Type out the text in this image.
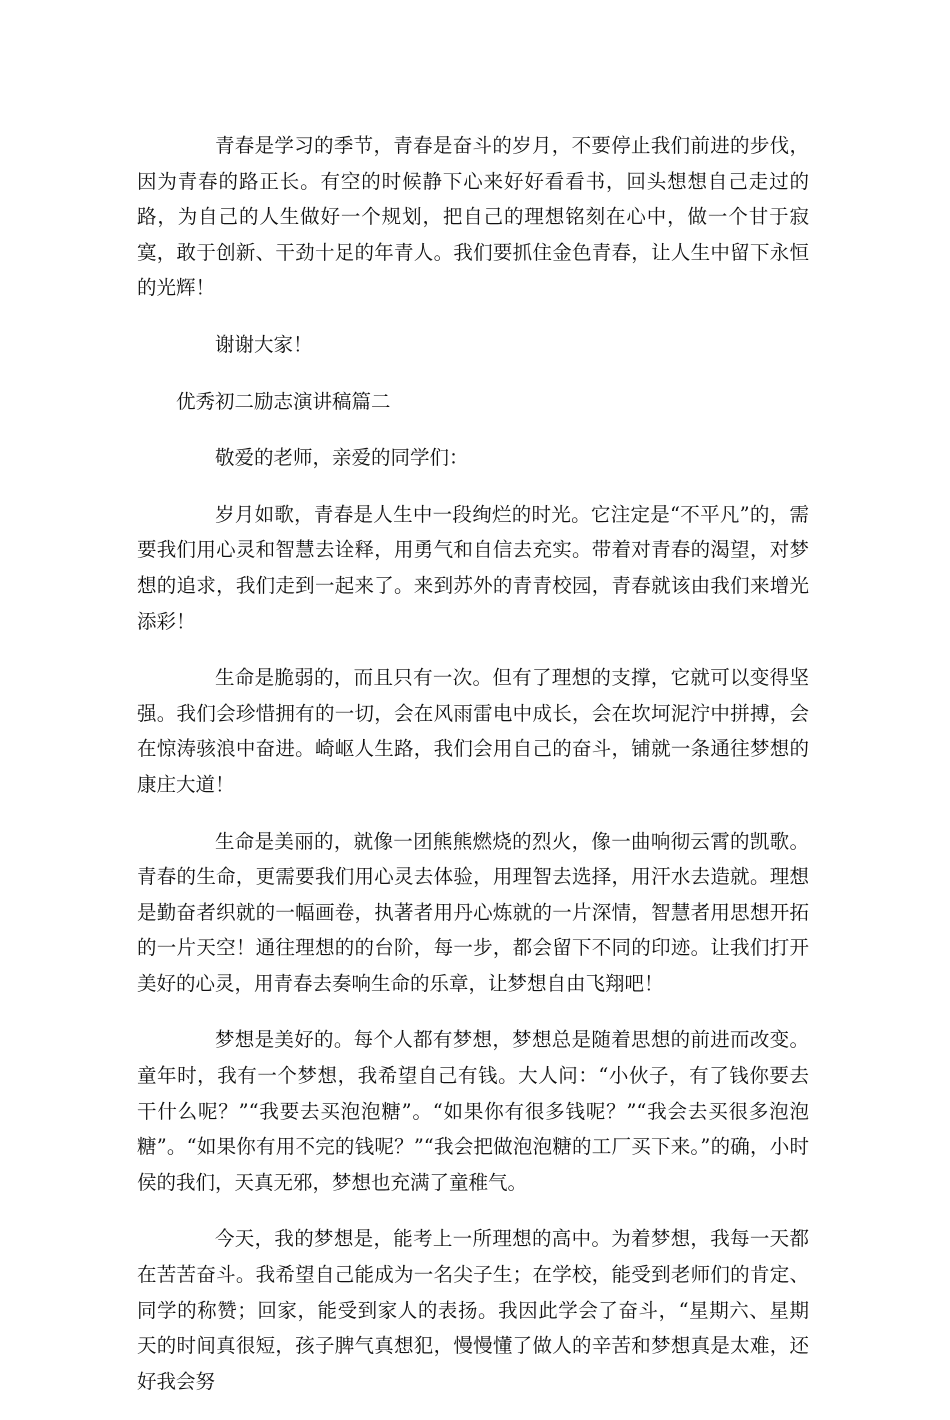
青春是学习的季节，青春是奋斗的岁月，不要停止我们前进的步伐，因为青春的路正长。有空的时候静下心来好好看看书，回头想想自己走过的路，为自己的人生做好一个规划，把自己的理想铭刻在心中，做一个甘于寂寞，敢于创新、干劲十足的年青人。我们要抓住金色青春，让人生中留下永恒的光辉！

谢谢大家！

优秀初二励志演讲稿篇二

敬爱的老师，亲爱的同学们：

岁月如歌，青春是人生中一段绚烂的时光。它注定是“不平凡”的，需要我们用心灵和智慧去诠释，用勇气和自信去充实。带着对青春的渴望，对梦想的追求，我们走到一起来了。来到苏外的青青校园，青春就该由我们来增光添彩！

生命是脆弱的，而且只有一次。但有了理想的支撑，它就可以变得坚强。我们会珍惜拥有的一切，会在风雨雷电中成长，会在坎坷泥泞中拼搏，会在惊涛骇浪中奋进。崎岖人生路，我们会用自己的奋斗，铺就一条通往梦想的康庄大道！

生命是美丽的，就像一团熊熊燃烧的烈火，像一曲响彻云霄的凯歌。青春的生命，更需要我们用心灵去体验，用理智去选择，用汗水去造就。理想是勤奋者织就的一幅画卷，执著者用丹心炼就的一片深情，智慧者用思想开拓的一片天空！通往理想的的台阶，每一步，都会留下不同的印迹。让我们打开美好的心灵，用青春去奏响生命的乐章，让梦想自由飞翔吧！

梦想是美好的。每个人都有梦想，梦想总是随着思想的前进而改变。童年时，我有一个梦想，我希望自己有钱。大人问：“小伙子，有了钱你要去干什么呢？”“我要去买泡泡糖”。“如果你有很多钱呢？”“我会去买很多泡泡糖”。“如果你有用不完的钱呢？”“我会把做泡泡糖的工厂买下来。”的确，小时侯的我们，天真无邪，梦想也充满了童稚气。

今天，我的梦想是，能考上一所理想的高中。为着梦想，我每一天都在苦苦奋斗。我希望自己能成为一名尖子生；在学校，能受到老师们的肯定、同学的称赞；回家，能受到家人的表扬。我因此学会了奋斗，“星期六、星期天的时间真很短，孩子脾气真想犯，慢慢懂了做人的辛苦和梦想真是太难，还好我会努
